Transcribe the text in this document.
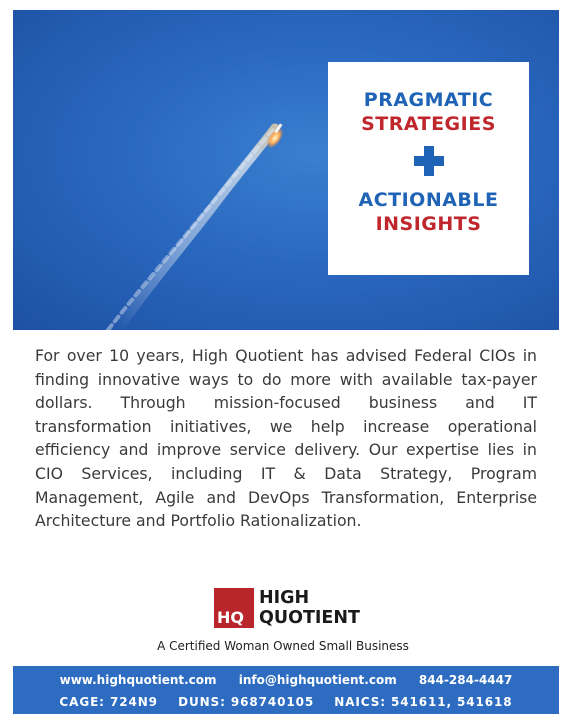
PRAGMATIC
STRATEGIES
ACTIONABLE
INSIGHTS
For over 10 years, High Quotient has advised Federal CIOs in finding innovative ways to do more with available tax-payer dollars. Through mission-focused business and IT transformation initiatives, we help increase operational efficiency and improve service delivery. Our expertise lies in CIO Services, including IT & Data Strategy, Program Management, Agile and DevOps Transformation, Enterprise Architecture and Portfolio Rationalization.
HQ
HIGH
QUOTIENT
A Certified Woman Owned Small Business
www.highquotient.com info@highquotient.com 844-284-4447
CAGE: 724N9 DUNS: 968740105 NAICS: 541611, 541618
